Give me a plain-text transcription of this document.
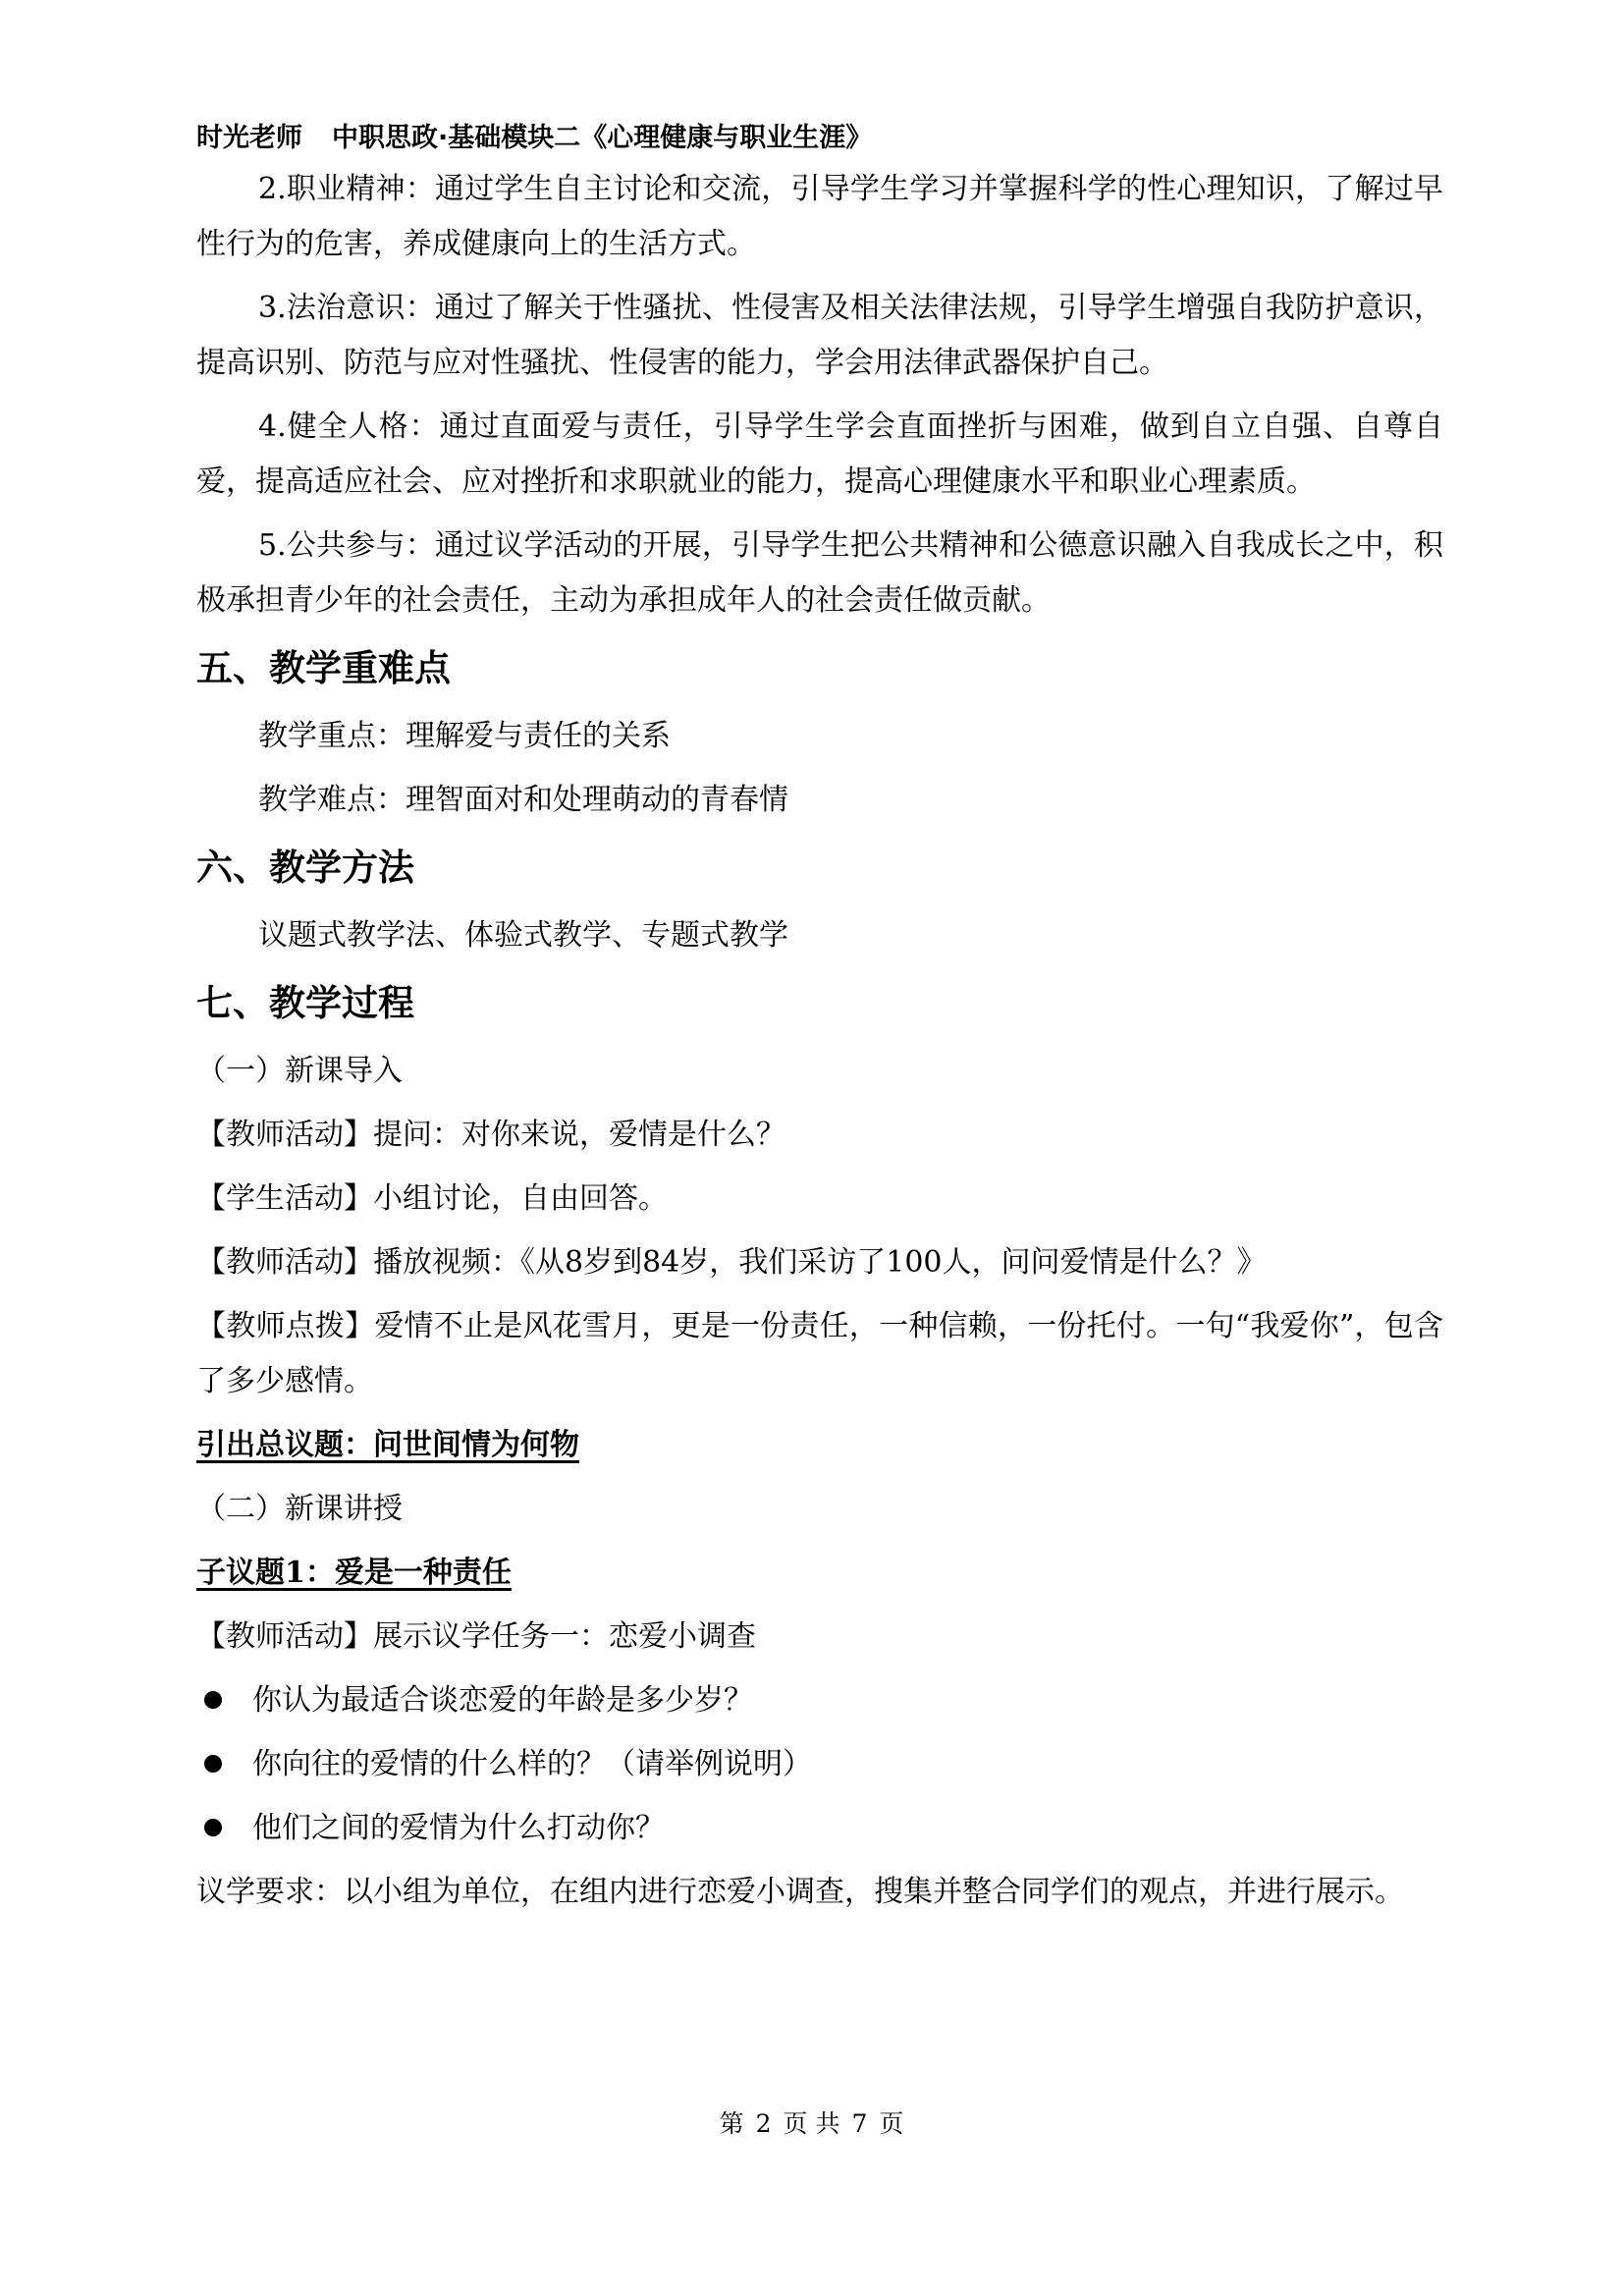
时光老师 中职思政·基础模块二《心理健康与职业生涯》

2.职业精神：通过学生自主讨论和交流，引导学生学习并掌握科学的性心理知识，了解过早性行为的危害，养成健康向上的生活方式。

3.法治意识：通过了解关于性骚扰、性侵害及相关法律法规，引导学生增强自我防护意识，提高识别、防范与应对性骚扰、性侵害的能力，学会用法律武器保护自己。

4.健全人格：通过直面爱与责任，引导学生学会直面挫折与困难，做到自立自强、自尊自爱，提高适应社会、应对挫折和求职就业的能力，提高心理健康水平和职业心理素质。

5.公共参与：通过议学活动的开展，引导学生把公共精神和公德意识融入自我成长之中，积极承担青少年的社会责任，主动为承担成年人的社会责任做贡献。

五、教学重难点

教学重点：理解爱与责任的关系

教学难点：理智面对和处理萌动的青春情

六、教学方法

议题式教学法、体验式教学、专题式教学

七、教学过程
（一）新课导入
【教师活动】提问：对你来说，爱情是什么？
【学生活动】小组讨论，自由回答。
【教师活动】播放视频：《从8岁到84岁，我们采访了100人，问问爱情是什么？》

【教师点拨】爱情不止是风花雪月，更是一份责任，一种信赖，一份托付。一句“我爱你”，包含了多少感情。

引出总议题：问世间情为何物
（二）新课讲授
子议题1：爱是一种责任
【教师活动】展示议学任务一：恋爱小调查
你认为最适合谈恋爱的年龄是多少岁？
你向往的爱情的什么样的？（请举例说明）
他们之间的爱情为什么打动你？

议学要求：以小组为单位，在组内进行恋爱小调查，搜集并整合同学们的观点，并进行展示。

第 2 页 共 7 页
